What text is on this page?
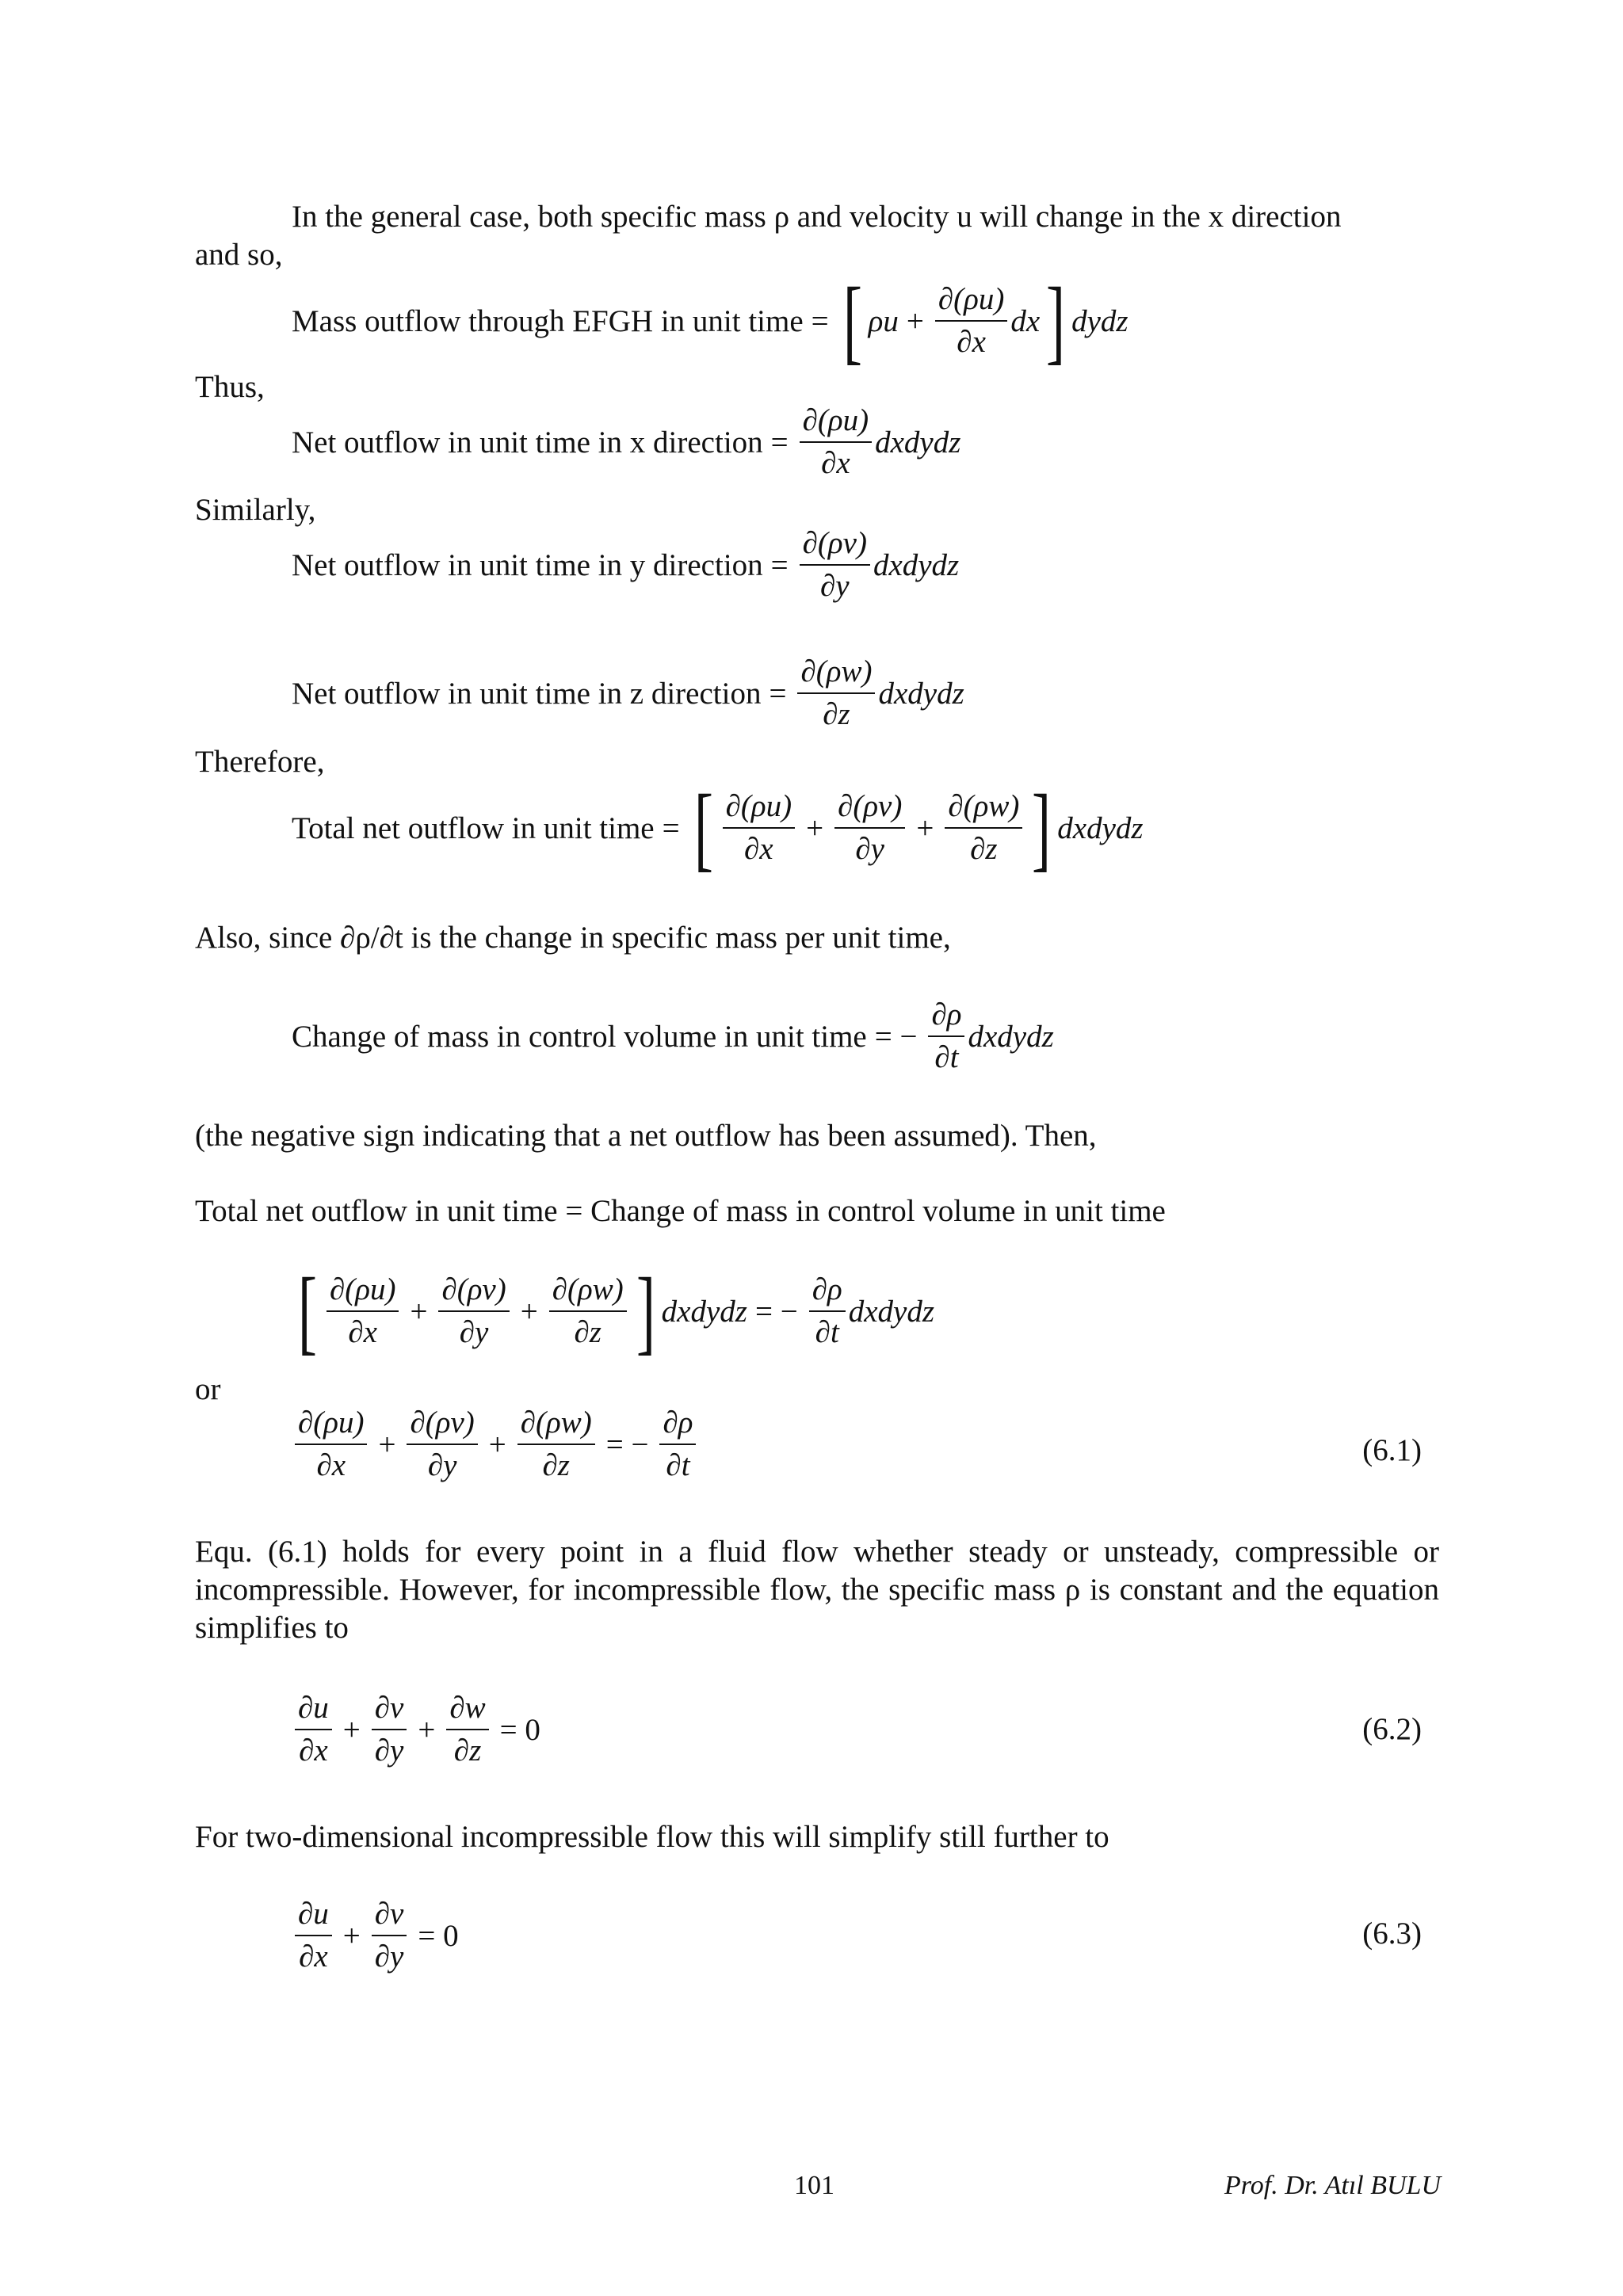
In the general case, both specific mass ρ and velocity u will change in the x direction
and so,
Mass outflow through EFGH in unit time = [ $\rho u + \frac{\partial(\rho u)}{\partial x}$ dx ] dydz
Thus,
Net outflow in unit time in x direction = $\frac{\partial(\rho u)}{\partial x}$ dxdydz
Similarly,
Net outflow in unit time in y direction = $\frac{\partial(\rho v)}{\partial y}$ dxdydz
Net outflow in unit time in z direction = $\frac{\partial(\rho w)}{\partial z}$ dxdydz
Therefore,
Total net outflow in unit time = [ $\frac{\partial(\rho u)}{\partial x} + \frac{\partial(\rho v)}{\partial y} + \frac{\partial(\rho w)}{\partial z}$ ] dxdydz
Also, since ∂ρ/∂t is the change in specific mass per unit time,
Change of mass in control volume in unit time = − $\frac{\partial\rho}{\partial t}$ dxdydz
(the negative sign indicating that a net outflow has been assumed). Then,
Total net outflow in unit time = Change of mass in control volume in unit time
[ $\frac{\partial(\rho u)}{\partial x} + \frac{\partial(\rho v)}{\partial y} + \frac{\partial(\rho w)}{\partial z}$ ] dxdydz = − $\frac{\partial\rho}{\partial t}$ dxdydz
or
$\frac{\partial(\rho u)}{\partial x} + \frac{\partial(\rho v)}{\partial y} + \frac{\partial(\rho w)}{\partial z}$ = − $\frac{\partial\rho}{\partial t}$	(6.1)
Equ. (6.1) holds for every point in a fluid flow whether steady or unsteady, compressible or incompressible. However, for incompressible flow, the specific mass ρ is constant and the equation simplifies to
$\frac{\partial u}{\partial x} + \frac{\partial v}{\partial y} + \frac{\partial w}{\partial z} = 0$	(6.2)
For two-dimensional incompressible flow this will simplify still further to
$\frac{\partial u}{\partial x} + \frac{\partial v}{\partial y} = 0$	(6.3)
101	Prof. Dr. Atıl BULU
